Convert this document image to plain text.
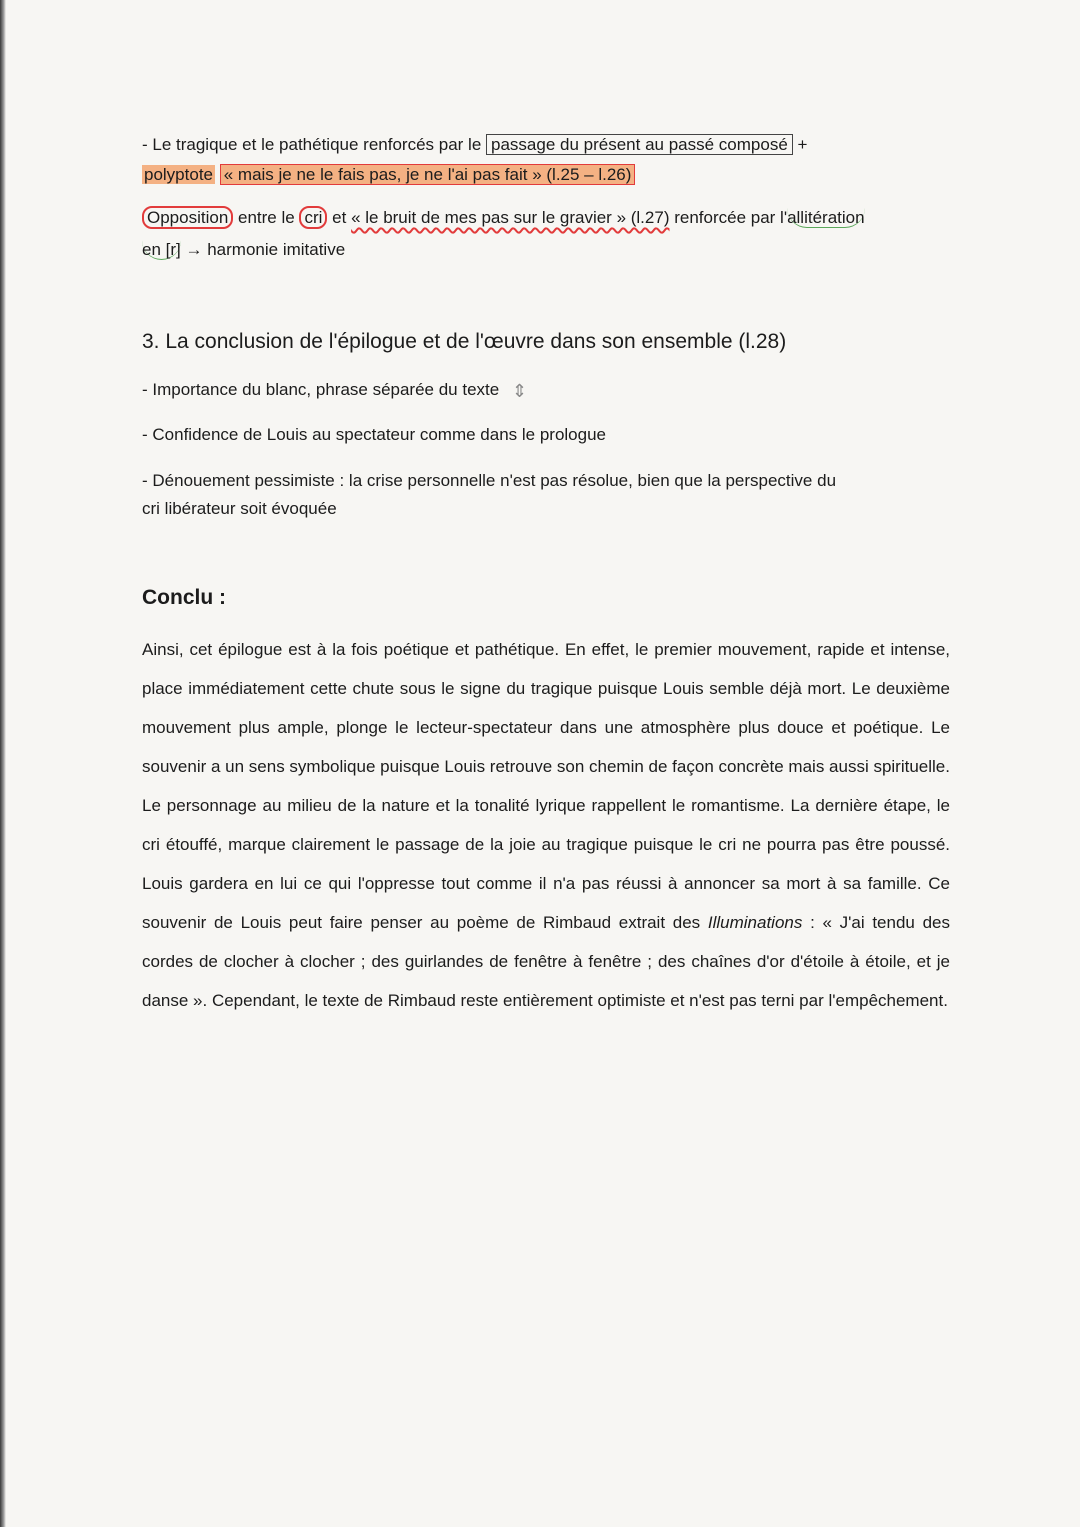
- Le tragique et le pathétique renforcés par le passage du présent au passé composé +
polyptote « mais je ne le fais pas, je ne l'ai pas fait » (l.25 – l.26)
Opposition entre le cri et « le bruit de mes pas sur le gravier » (l.27) renforcée par l'allitération
en [r] → harmonie imitative
3. La conclusion de l'épilogue et de l'œuvre dans son ensemble (l.28)
- Importance du blanc, phrase séparée du texte ⇕
- Confidence de Louis au spectateur comme dans le prologue
- Dénouement pessimiste : la crise personnelle n'est pas résolue, bien que la perspective du
cri libérateur soit évoquée
Conclu :
Ainsi, cet épilogue est à la fois poétique et pathétique. En effet, le premier mouvement, rapide et intense, place immédiatement cette chute sous le signe du tragique puisque Louis semble déjà mort. Le deuxième mouvement plus ample, plonge le lecteur-spectateur dans une atmosphère plus douce et poétique. Le souvenir a un sens symbolique puisque Louis retrouve son chemin de façon concrète mais aussi spirituelle. Le personnage au milieu de la nature et la tonalité lyrique rappellent le romantisme. La dernière étape, le cri étouffé, marque clairement le passage de la joie au tragique puisque le cri ne pourra pas être poussé. Louis gardera en lui ce qui l'oppresse tout comme il n'a pas réussi à annoncer sa mort à sa famille. Ce souvenir de Louis peut faire penser au poème de Rimbaud extrait des Illuminations : « J'ai tendu des cordes de clocher à clocher ; des guirlandes de fenêtre à fenêtre ; des chaînes d'or d'étoile à étoile, et je danse ». Cependant, le texte de Rimbaud reste entièrement optimiste et n'est pas terni par l'empêchement.
